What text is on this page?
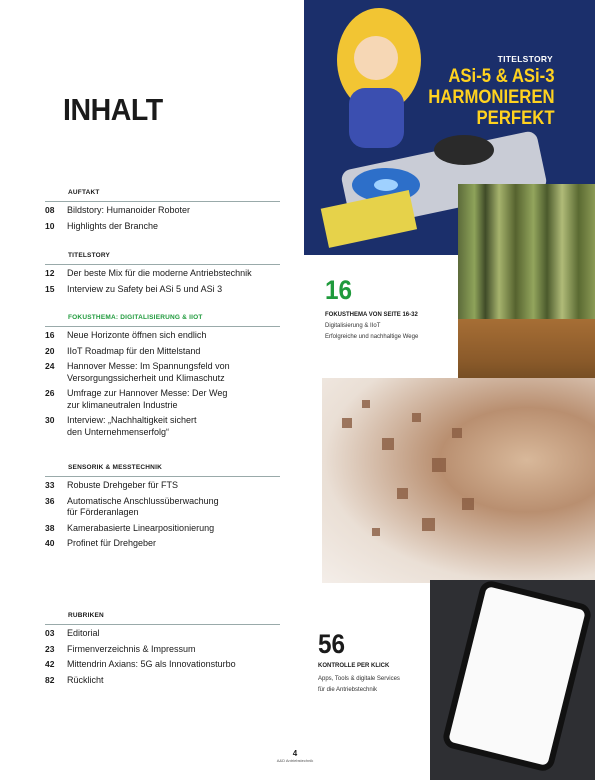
INHALT
AUFTAKT
08 Bildstory: Humanoider Roboter
10 Highlights der Branche
TITELSTORY
12 Der beste Mix für die moderne Antriebstechnik
15 Interview zu Safety bei ASi 5 und ASi 3
FOKUSTHEMA: DIGITALISIERUNG & IIOT
16 Neue Horizonte öffnen sich endlich
20 IIoT Roadmap für den Mittelstand
24 Hannover Messe: Im Spannungsfeld von
Versorgungssicherheit und Klimaschutz
26 Umfrage zur Hannover Messe: Der Weg
zur klimaneutralen Industrie
30 Interview: „Nachhaltigkeit sichert
den Unternehmenserfolg“
SENSORIK & MESSTECHNIK
33 Robuste Drehgeber für FTS
36 Automatische Anschlussüberwachung
für Förderanlagen
38 Kamerabasierte Linearpositionierung
40 Profinet für Drehgeber
RUBRIKEN
03 Editorial
23 Firmenverzeichnis & Impressum
42 Mittendrin Axians: 5G als Innovationsturbo
82 Rücklicht
TITELSTORY
ASi-5 & ASi-3
HARMONIEREN
PERFEKT
16
FOKUSTHEMA VON SEITE 16-32
Digitalisierung & IIoT
Erfolgreiche und nachhaltige Wege
56
KONTROLLE PER KLICK
Apps, Tools & digitale Services
für die Antriebstechnik
4
A&D Antriebstechnik
